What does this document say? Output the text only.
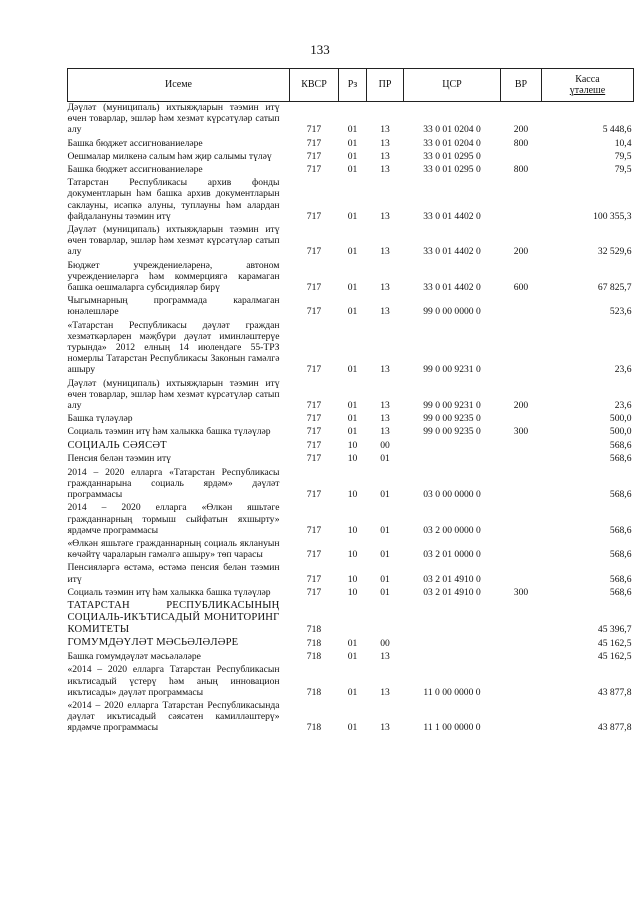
133
Исеме	КВСР	Рз	ПР	ЦСР	ВР	Касса
үтәлеше

Дәүләт (муниципаль) ихтыяҗларын тәэмин итү өчен товарлар, эшләр һәм хезмәт күрсәтүләр сатып алу	717	01	13	33 0 01 0204 0	200	5 448,6
Башка бюджет ассигнованиеләре	717	01	13	33 0 01 0204 0	800	10,4
Оешмалар милкенә салым һәм җир салымы түләү	717	01	13	33 0 01 0295 0		79,5
Башка бюджет ассигнованиеләре	717	01	13	33 0 01 0295 0	800	79,5
Татарстан Республикасы архив фонды документларын һәм башка архив документларын саклауны, исәпкә алуны, туплауны һәм алардан файдалануны тәэмин итү	717	01	13	33 0 01 4402 0		100 355,3
Дәүләт (муниципаль) ихтыяҗларын тәэмин итү өчен товарлар, эшләр һәм хезмәт күрсәтүләр сатып алу	717	01	13	33 0 01 4402 0	200	32 529,6
Бюджет учреждениеләренә, автоном учреждениеләргә һәм коммерциягә карамаган башка оешмаларга субсидияләр бирү	717	01	13	33 0 01 4402 0	600	67 825,7
Чыгымнарның программада каралмаган юнәлешләре	717	01	13	99 0 00 0000 0		523,6
«Татарстан Республикасы дәүләт граждан хезмәткәрләрен мәҗбүри дәүләт иминләштерүе турында» 2012 елның 14 июлендәге 55-ТРЗ номерлы Татарстан Республикасы Законын гамәлгә ашыру	717	01	13	99 0 00 9231 0		23,6
Дәүләт (муниципаль) ихтыяҗларын тәэмин итү өчен товарлар, эшләр һәм хезмәт күрсәтүләр сатып алу	717	01	13	99 0 00 9231 0	200	23,6
Башка түләүләр	717	01	13	99 0 00 9235 0		500,0
Социаль тәэмин итү һәм халыкка башка түләүләр	717	01	13	99 0 00 9235 0	300	500,0
СОЦИАЛЬ СӘЯСӘТ	717	10	00			568,6
Пенсия белән тәэмин итү	717	10	01			568,6
2014 – 2020 елларга «Татарстан Республикасы гражданнарына социаль ярдәм» дәүләт программасы	717	10	01	03 0 00 0000 0		568,6
2014 – 2020 елларга «Өлкән яшьтәге гражданнарның тормыш сыйфатын яхшырту» ярдәмче программасы	717	10	01	03 2 00 0000 0		568,6
«Өлкән яшьтәге гражданнарның социаль яклануын көчәйтү чараларын гамәлгә ашыру» төп чарасы	717	10	01	03 2 01 0000 0		568,6
Пенсияләргә өстәмә, өстәмә пенсия белән тәэмин итү	717	10	01	03 2 01 4910 0		568,6
Социаль тәэмин итү һәм халыкка башка түләүләр	717	10	01	03 2 01 4910 0	300	568,6
ТАТАРСТАН РЕСПУБЛИКАСЫНЫҢ СОЦИАЛЬ-ИКЪТИСАДЫЙ МОНИТОРИНГ КОМИТЕТЫ	718					45 396,7
ГОМУМДӘҮЛӘТ МӘСЬӘЛӘЛӘРЕ	718	01	00			45 162,5
Башка гомумдәүләт мәсьәләләре	718	01	13			45 162,5
«2014 – 2020 елларга Татарстан Республикасын икътисадый үстерү һәм аның инновацион икътисады» дәүләт программасы	718	01	13	11 0 00 0000 0		43 877,8
«2014 – 2020 елларга Татарстан Республикасында дәүләт икътисадый сәясәтен камилләштерү» ярдәмче программасы	718	01	13	11 1 00 0000 0		43 877,8
